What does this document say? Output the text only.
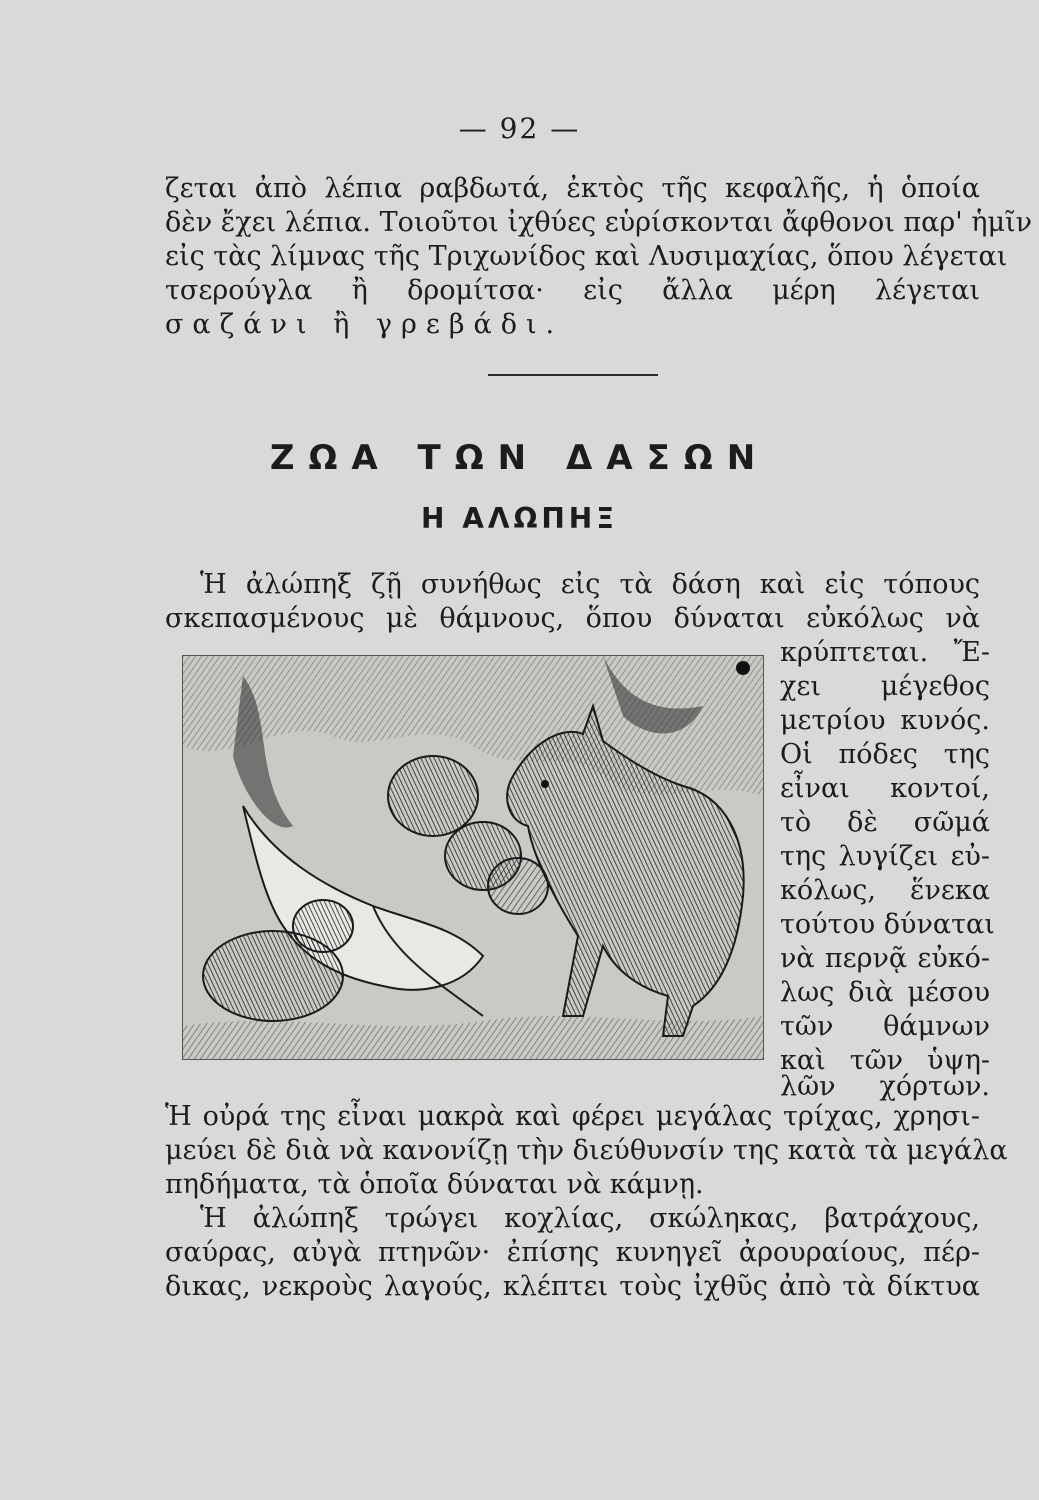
— 92 —
ζεται ἀπὸ λέπια ραβδωτά, ἐκτὸς τῆς κεφαλῆς, ἡ ὁποία
δὲν ἔχει λέπια. Τοιοῦτοι ἰχθύες εὑρίσκονται ἄφθονοι παρ' ἡμῖν
εἰς τὰς λίμνας τῆς Τριχωνίδος καὶ Λυσιμαχίας, ὅπου λέγεται
τσερούγλα ἢ δρομίτσα· εἰς ἄλλα μέρη λέγεται
σαζάνι ἢ γρεβάδι.
ΖΩΑ ΤΩΝ ΔΑΣΩΝ
Η ΑΛΩΠΗΞ
Ἡ ἀλώπηξ ζῇ συνήθως εἰς τὰ δάση καὶ εἰς τόπους
σκεπασμένους μὲ θάμνους, ὅπου δύναται εὐκόλως νὰ
κρύπτεται. Ἔ-
χει μέγεθος
μετρίου κυνός.
Οἱ πόδες της
εἶναι κοντοί,
τὸ δὲ σῶμά
της λυγίζει εὐ-
κόλως, ἕνεκα
τούτου δύναται
νὰ περνᾷ εὐκό-
λως διὰ μέσου
τῶν θάμνων
καὶ τῶν ὑψη-
λῶν χόρτων.
Ἡ οὐρά της εἶναι μακρὰ καὶ φέρει μεγάλας τρίχας, χρησι-
μεύει δὲ διὰ νὰ κανονίζῃ τὴν διεύθυνσίν της κατὰ τὰ μεγάλα
πηδήματα, τὰ ὁποῖα δύναται νὰ κάμνῃ.
Ἡ ἀλώπηξ τρώγει κοχλίας, σκώληκας, βατράχους,
σαύρας, αὐγὰ πτηνῶν· ἐπίσης κυνηγεῖ ἀρουραίους, πέρ-
δικας, νεκροὺς λαγούς, κλέπτει τοὺς ἰχθῦς ἀπὸ τὰ δίκτυα
